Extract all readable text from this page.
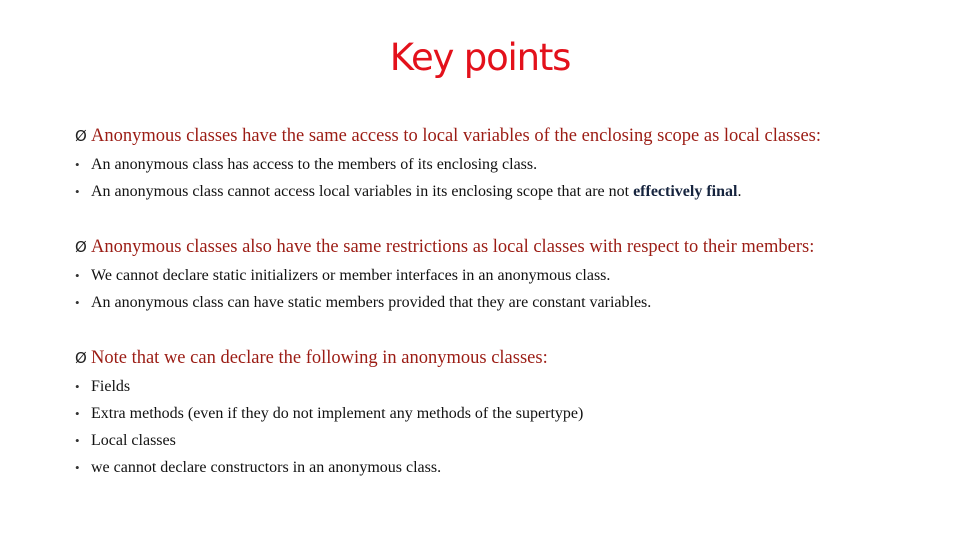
Key points
Ø Anonymous classes have the same access to local variables of the enclosing scope as local classes:
• An anonymous class has access to the members of its enclosing class.
• An anonymous class cannot access local variables in its enclosing scope that are not effectively final.
Ø Anonymous classes also have the same restrictions as local classes with respect to their members:
• We cannot declare static initializers or member interfaces in an anonymous class.
• An anonymous class can have static members provided that they are constant variables.
Ø Note that we can declare the following in anonymous classes:
• Fields
• Extra methods (even if they do not implement any methods of the supertype)
• Local classes
• we cannot declare constructors in an anonymous class.
